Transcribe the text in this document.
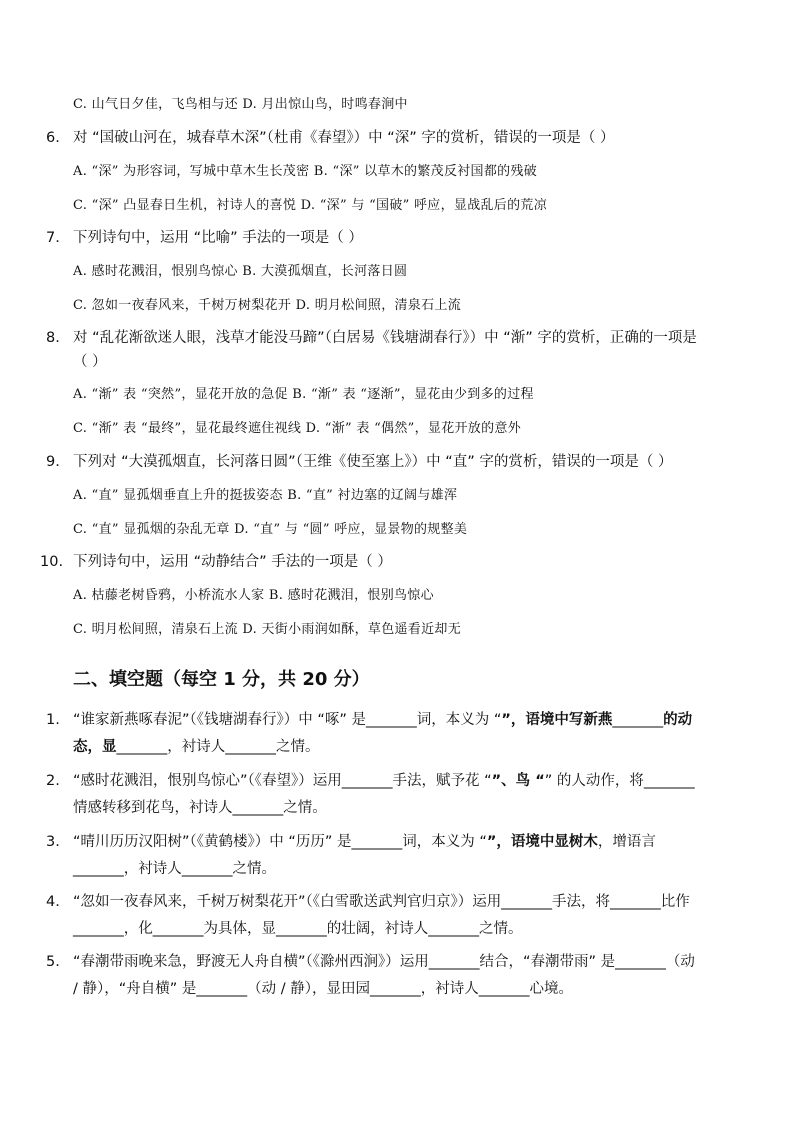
C. 山气日夕佳，飞鸟相与还 D. 月出惊山鸟，时鸣春涧中
6. 对 “国破山河在，城春草木深”（杜甫《春望》）中 “深” 字的赏析，错误的一项是（ ）
A. “深” 为形容词，写城中草木生长茂密 B. “深” 以草木的繁茂反衬国都的残破
C. “深” 凸显春日生机，衬诗人的喜悦 D. “深” 与 “国破” 呼应，显战乱后的荒凉
7. 下列诗句中，运用 “比喻” 手法的一项是（ ）
A. 感时花溅泪，恨别鸟惊心 B. 大漠孤烟直，长河落日圆
C. 忽如一夜春风来，千树万树梨花开 D. 明月松间照，清泉石上流
8. 对 “乱花渐欲迷人眼，浅草才能没马蹄”（白居易《钱塘湖春行》）中 “渐” 字的赏析，正确的一项是
（ ）
A. “渐” 表 “突然”，显花开放的急促 B. “渐” 表 “逐渐”，显花由少到多的过程
C. “渐” 表 “最终”，显花最终遮住视线 D. “渐” 表 “偶然”，显花开放的意外
9. 下列对 “大漠孤烟直，长河落日圆”（王维《使至塞上》）中 “直” 字的赏析，错误的一项是（ ）
A. “直” 显孤烟垂直上升的挺拔姿态 B. “直” 衬边塞的辽阔与雄浑
C. “直” 显孤烟的杂乱无章 D. “直” 与 “圆” 呼应，显景物的规整美
10. 下列诗句中，运用 “动静结合” 手法的一项是（ ）
A. 枯藤老树昏鸦，小桥流水人家 B. 感时花溅泪，恨别鸟惊心
C. 明月松间照，清泉石上流 D. 天街小雨润如酥，草色遥看近却无
二、填空题（每空 1 分，共 20 分）
1. “谁家新燕啄春泥”（《钱塘湖春行》）中 “啄” 是_______词，本义为 “”，语境中写新燕_______的动
态，显_______，衬诗人_______之情。
2. “感时花溅泪，恨别鸟惊心”（《春望》）运用_______手法，赋予花 “”、鸟 “” 的人动作，将_______
情感转移到花鸟，衬诗人_______之情。
3. “晴川历历汉阳树”（《黄鹤楼》）中 “历历” 是_______词，本义为 “”，语境中显树木，增语言
_______，衬诗人_______之情。
4. “忽如一夜春风来，千树万树梨花开”（《白雪歌送武判官归京》）运用_______手法，将_______比作
_______，化_______为具体，显_______的壮阔，衬诗人_______之情。
5. “春潮带雨晚来急，野渡无人舟自横”（《滁州西涧》）运用_______结合，“春潮带雨” 是_______（动
/ 静），“舟自横” 是_______（动 / 静），显田园_______，衬诗人_______心境。
